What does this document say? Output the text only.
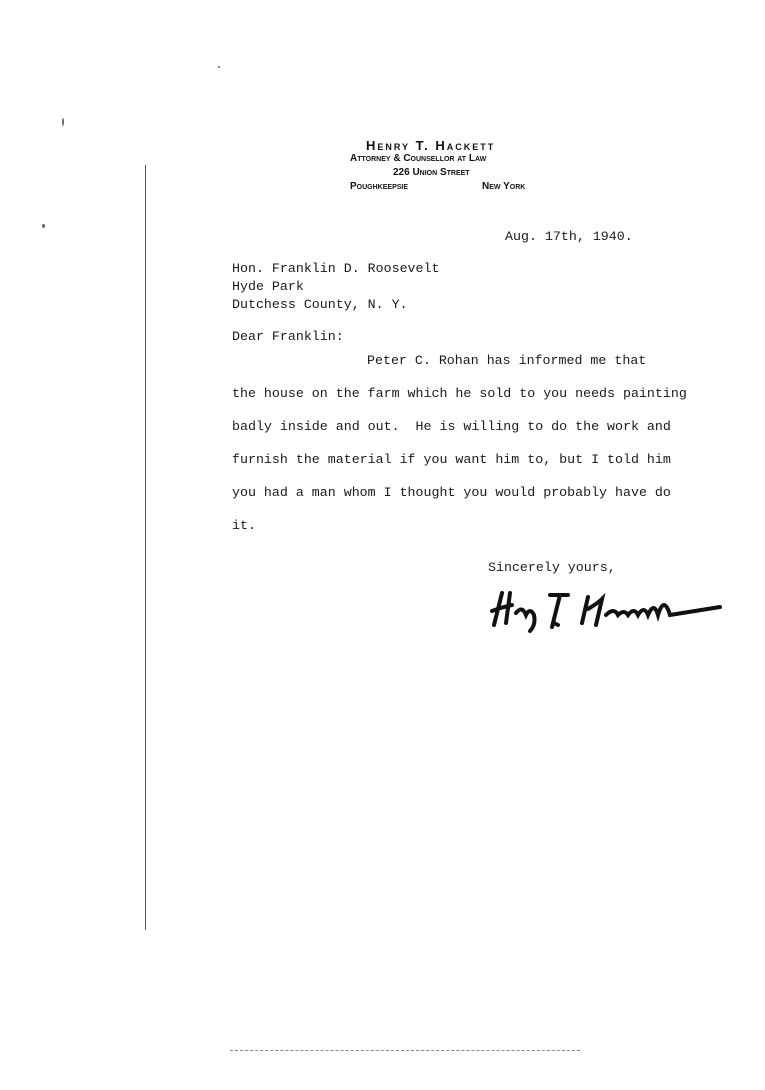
Henry T. Hackett
Attorney & Counsellor at Law
226 Union Street
Poughkeepsie	New York
Aug. 17th, 1940.
Hon. Franklin D. Roosevelt
Hyde Park
Dutchess County, N. Y.
Dear Franklin:
Peter C. Rohan has informed me that
the house on the farm which he sold to you needs painting
badly inside and out.  He is willing to do the work and
furnish the material if you want him to, but I told him
you had a man whom I thought you would probably have do
it.
Sincerely yours,
